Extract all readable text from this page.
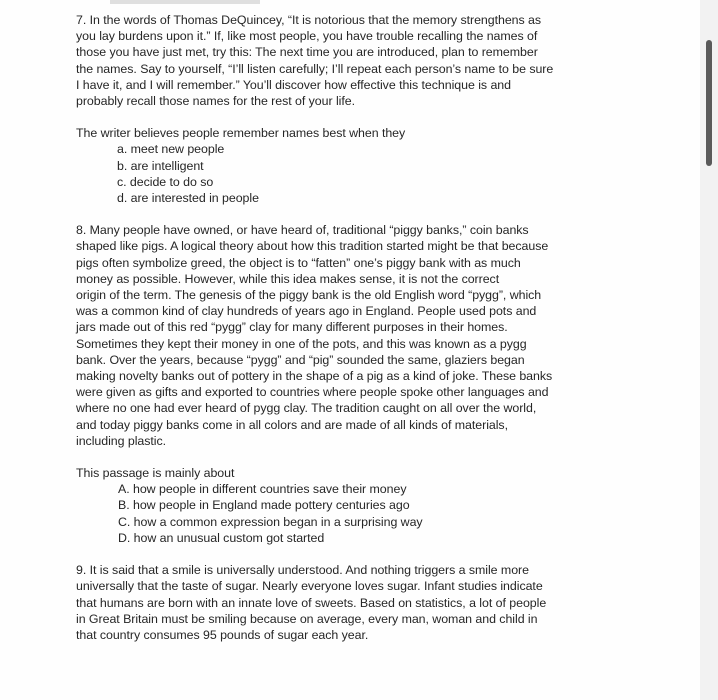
7. In the words of Thomas DeQuincey, “It is notorious that the memory strengthens as
you lay burdens upon it.” If, like most people, you have trouble recalling the names of
those you have just met, try this: The next time you are introduced, plan to remember
the names. Say to yourself, “I’ll listen carefully; I’ll repeat each person’s name to be sure
I have it, and I will remember.” You’ll discover how effective this technique is and
probably recall those names for the rest of your life.

The writer believes people remember names best when they

a. meet new people
b. are intelligent
c. decide to do so
d. are interested in people
8. Many people have owned, or have heard of, traditional “piggy banks,” coin banks
shaped like pigs. A logical theory about how this tradition started might be that because
pigs often symbolize greed, the object is to “fatten” one’s piggy bank with as much
money as possible. However, while this idea makes sense, it is not the correct
origin of the term. The genesis of the piggy bank is the old English word “pygg”, which
was a common kind of clay hundreds of years ago in England. People used pots and
jars made out of this red “pygg” clay for many different purposes in their homes.
Sometimes they kept their money in one of the pots, and this was known as a pygg
bank. Over the years, because “pygg” and “pig” sounded the same, glaziers began
making novelty banks out of pottery in the shape of a pig as a kind of joke. These banks
were given as gifts and exported to countries where people spoke other languages and
where no one had ever heard of pygg clay. The tradition caught on all over the world,
and today piggy banks come in all colors and are made of all kinds of materials,
including plastic.

This passage is mainly about

A. how people in different countries save their money
B. how people in England made pottery centuries ago
C. how a common expression began in a surprising way
D. how an unusual custom got started
9. It is said that a smile is universally understood. And nothing triggers a smile more
universally that the taste of sugar. Nearly everyone loves sugar. Infant studies indicate
that humans are born with an innate love of sweets. Based on statistics, a lot of people
in Great Britain must be smiling because on average, every man, woman and child in
that country consumes 95 pounds of sugar each year.
